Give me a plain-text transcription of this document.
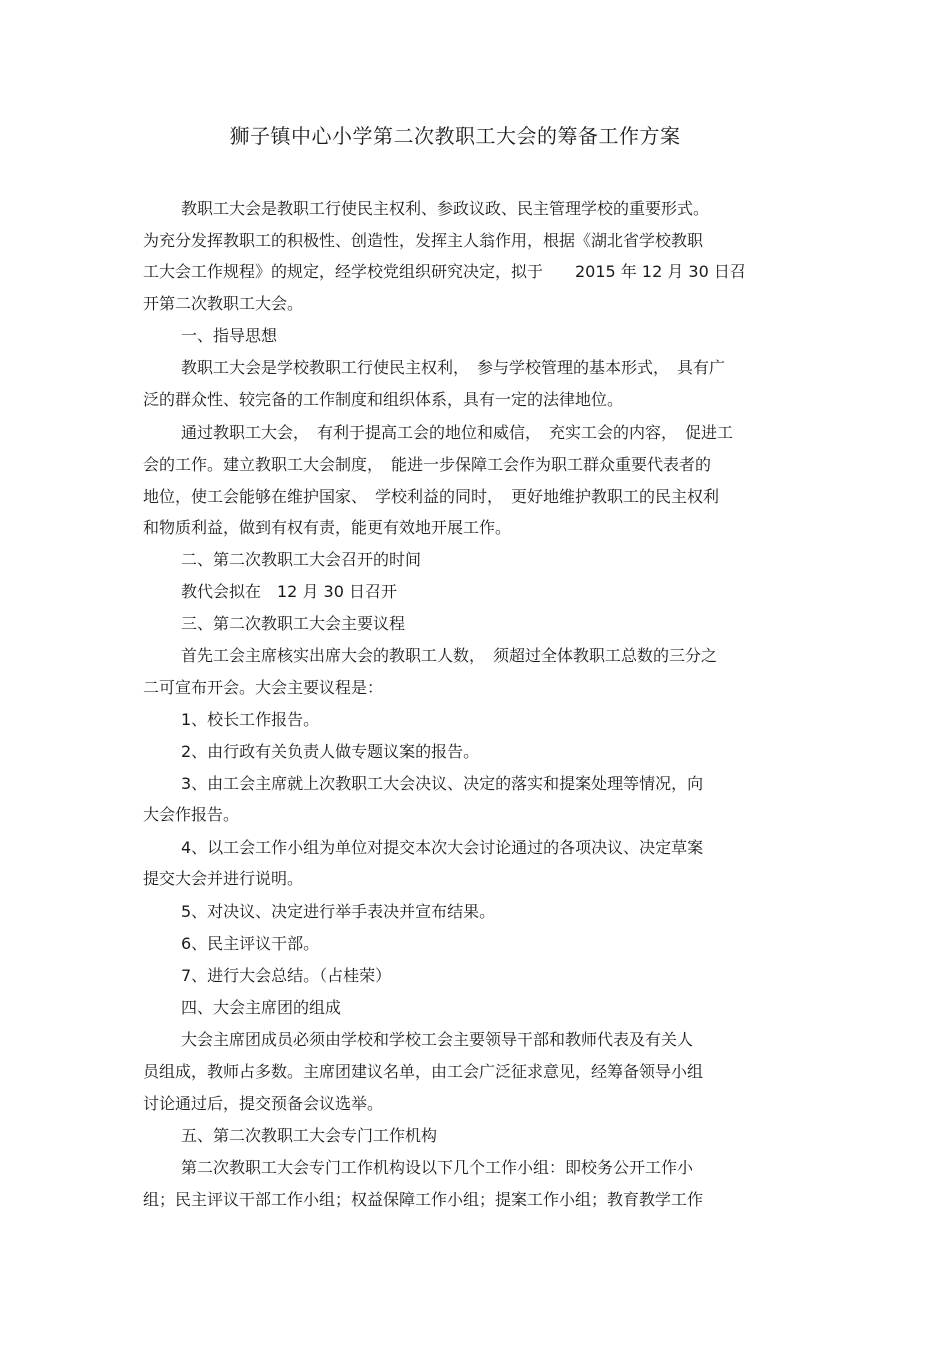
狮子镇中心小学第二次教职工大会的筹备工作方案
教职工大会是教职工行使民主权利、参政议政、民主管理学校的重要形式。
为充分发挥教职工的积极性、创造性，发挥主人翁作用，根据《湖北省学校教职
工大会工作规程》的规定，经学校党组织研究决定，拟于　　2015 年 12 月 30 日召
开第二次教职工大会。
一、指导思想
教职工大会是学校教职工行使民主权利，　参与学校管理的基本形式，　具有广
泛的群众性、较完备的工作制度和组织体系，具有一定的法律地位。
通过教职工大会，　有利于提高工会的地位和威信，　充实工会的内容，　促进工
会的工作。建立教职工大会制度，　能进一步保障工会作为职工群众重要代表者的
地位，使工会能够在维护国家、　学校利益的同时，　更好地维护教职工的民主权利
和物质利益，做到有权有责，能更有效地开展工作。
二、第二次教职工大会召开的时间
教代会拟在　12 月 30 日召开
三、第二次教职工大会主要议程
首先工会主席核实出席大会的教职工人数，　须超过全体教职工总数的三分之
二可宣布开会。大会主要议程是：
1、校长工作报告。
2、由行政有关负责人做专题议案的报告。
3、由工会主席就上次教职工大会决议、决定的落实和提案处理等情况，向
大会作报告。
4、以工会工作小组为单位对提交本次大会讨论通过的各项决议、决定草案
提交大会并进行说明。
5、对决议、决定进行举手表决并宣布结果。
6、民主评议干部。
7、进行大会总结。（占桂荣）
四、大会主席团的组成
大会主席团成员必须由学校和学校工会主要领导干部和教师代表及有关人
员组成，教师占多数。主席团建议名单，由工会广泛征求意见，经筹备领导小组
讨论通过后，提交预备会议选举。
五、第二次教职工大会专门工作机构
第二次教职工大会专门工作机构设以下几个工作小组：即校务公开工作小
组；民主评议干部工作小组；权益保障工作小组；提案工作小组；教育教学工作
